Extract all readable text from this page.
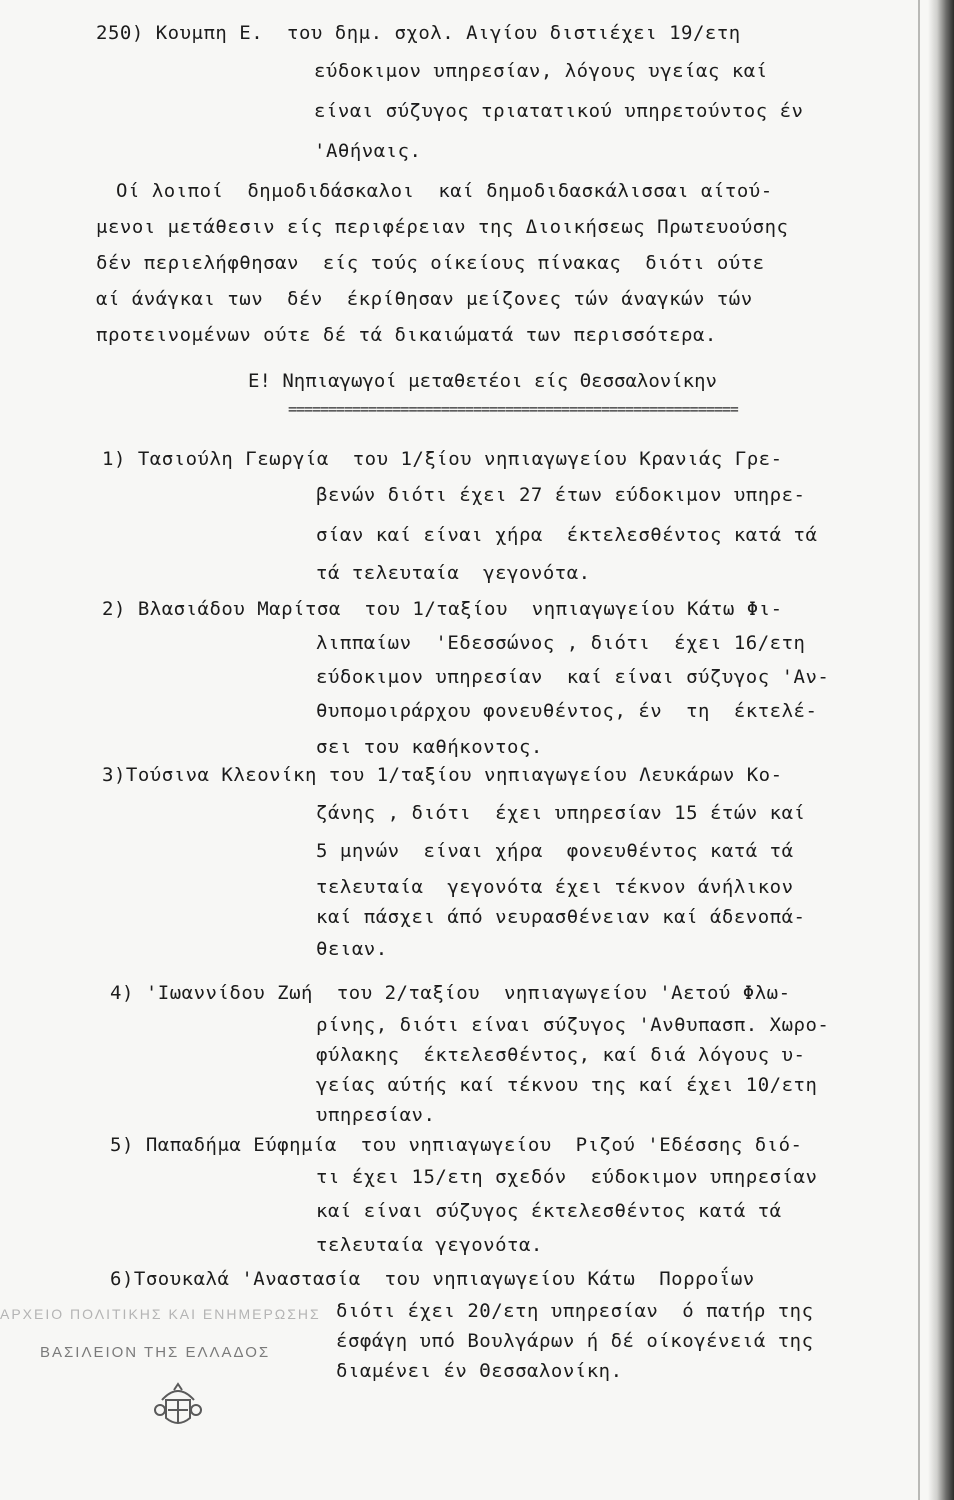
250) Κουμπη Ε.  του δημ. σχολ. Αιγίου διστιέχει 19/ετη
εύδοκιμον υπηρεσίαν, λόγους υγείας καί
είναι σύζυγος τριατατικού υπηρετούντος έν
'Αθήναις.
Οί λοιποί  δημοδιδάσκαλοι  καί δημοδιδασκάλισσαι αίτού-
μενοι μετάθεσιν είς περιφέρειαν της Διοικήσεως Πρωτευούσης
δέν περιελήφθησαν  είς τούς οίκείους πίνακας  διότι ούτε
αί άνάγκαι των  δέν  έκρίθησαν μείζονες τών άναγκών τών
προτεινομένων ούτε δέ τά δικαιώματά των περισσότερα.
Ε! Νηπιαγωγοί μεταθετέοι είς Θεσσαλονίκην
========================================================
1) Τασιούλη Γεωργία  του 1/ξίου νηπιαγωγείου Κρανιάς Γρε-
βενών διότι έχει 27 έτων εύδοκιμον υπηρε-
σίαν καί είναι χήρα  έκτελεσθέντος κατά τά
τά τελευταία  γεγονότα.
2) Βλασιάδου Μαρίτσα  του 1/ταξίου  νηπιαγωγείου Κάτω Φι-
λιππαίων  'Εδεσσώνος , διότι  έχει 16/ετη
εύδοκιμον υπηρεσίαν  καί είναι σύζυγος 'Αν-
θυπομοιράρχου φονευθέντος, έν  τη  έκτελέ-
σει του καθήκοντος.
3)Τούσινα Κλεονίκη του 1/ταξίου νηπιαγωγείου Λευκάρων Κο-
ζάνης , διότι  έχει υπηρεσίαν 15 έτών καί
5 μηνών  είναι χήρα  φονευθέντος κατά τά
τελευταία  γεγονότα έχει τέκνον άνήλικον
καί πάσχει άπό νευρασθένειαν καί άδενοπά-
θειαν.
4) 'Ιωαννίδου Ζωή  του 2/ταξίου  νηπιαγωγείου 'Αετού Φλω-
ρίνης, διότι είναι σύζυγος 'Ανθυπασπ. Χωρο-
φύλακης  έκτελεσθέντος, καί διά λόγους υ-
γείας αύτής καί τέκνου της καί έχει 10/ετη
υπηρεσίαν.
5) Παπαδήμα Εύφημία  του νηπιαγωγείου  Ριζού 'Εδέσσης διό-
τι έχει 15/ετη σχεδόν  εύδοκιμον υπηρεσίαν
καί είναι σύζυγος έκτελεσθέντος κατά τά
τελευταία γεγονότα.
6)Τσουκαλά 'Αναστασία  του νηπιαγωγείου Κάτω  Πορροΐων
διότι έχει 20/ετη υπηρεσίαν  ό πατήρ της
έσφάγη υπό Βουλγάρων ή δέ οίκογένειά της
διαμένει έν Θεσσαλονίκη.
ΑΡΧΕΙΟ ΠΟΛΙΤΙΚΗΣ ΚΑΙ ΕΝΗΜΕΡΩΣΗΣ
ΒΑΣΙΛΕΙΟΝ ΤΗΣ ΕΛΛΑΔΟΣ
